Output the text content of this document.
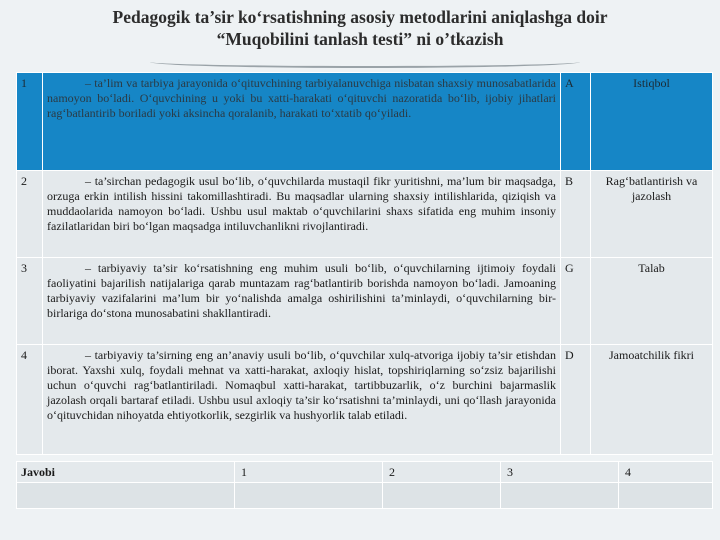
Pedagogik ta’sir ko‘rsatishning asosiy metodlarini aniqlashga doir
“Muqobilini tanlash testi” ni o’tkazish
1	– ta’lim va tarbiya jarayonida o‘qituvchining tarbiyalanuvchiga nisbatan shaxsiy munosabatlarida namoyon bo‘ladi. O‘quvchining u yoki bu xatti-harakati o‘qituvchi nazoratida bo‘lib, ijobiy jihatlari rag‘batlantirib boriladi yoki aksincha qoralanib, harakati to‘xtatib qo‘yiladi.	A	Istiqbol
2	– ta’sirchan pedagogik usul bo‘lib, o‘quvchilarda mustaqil fikr yuritishni, ma’lum bir maqsadga, orzuga erkin intilish hissini takomillashtiradi. Bu maqsadlar ularning shaxsiy intilishlarida, qiziqish va muddaolarida namoyon bo‘ladi. Ushbu usul maktab o‘quvchilarini shaxs sifatida eng muhim insoniy fazilatlaridan biri bo‘lgan maqsadga intiluvchanlikni rivojlantiradi.	B	Rag‘batlantirish va jazolash
3	– tarbiyaviy ta’sir ko‘rsatishning eng muhim usuli bo‘lib, o‘quvchilarning ijtimoiy foydali faoliyatini bajarilish natijalariga qarab muntazam rag‘batlantirib borishda namoyon bo‘ladi. Jamoaning tarbiyaviy vazifalarini ma’lum bir yo‘nalishda amalga oshirilishini ta’minlaydi, o‘quvchilarning bir-birlariga do‘stona munosabatini shakllantiradi.	G	Talab
4	– tarbiyaviy ta’sirning eng an’anaviy usuli bo‘lib, o‘quvchilar xulq-atvoriga ijobiy ta’sir etishdan iborat. Yaxshi xulq, foydali mehnat va xatti-harakat, axloqiy hislat, topshiriqlarning so‘zsiz bajarilishi uchun o‘quvchi rag‘batlantiriladi. Nomaqbul xatti-harakat, tartibbuzarlik, o‘z burchini bajarmaslik jazolash orqali bartaraf etiladi. Ushbu usul axloqiy ta’sir ko‘rsatishni ta’minlaydi, uni qo‘llash jarayonida o‘qituvchidan nihoyatda ehtiyotkorlik, sezgirlik va hushyorlik talab etiladi.	D	Jamoatchilik fikri
Javobi	1	2	3	4
